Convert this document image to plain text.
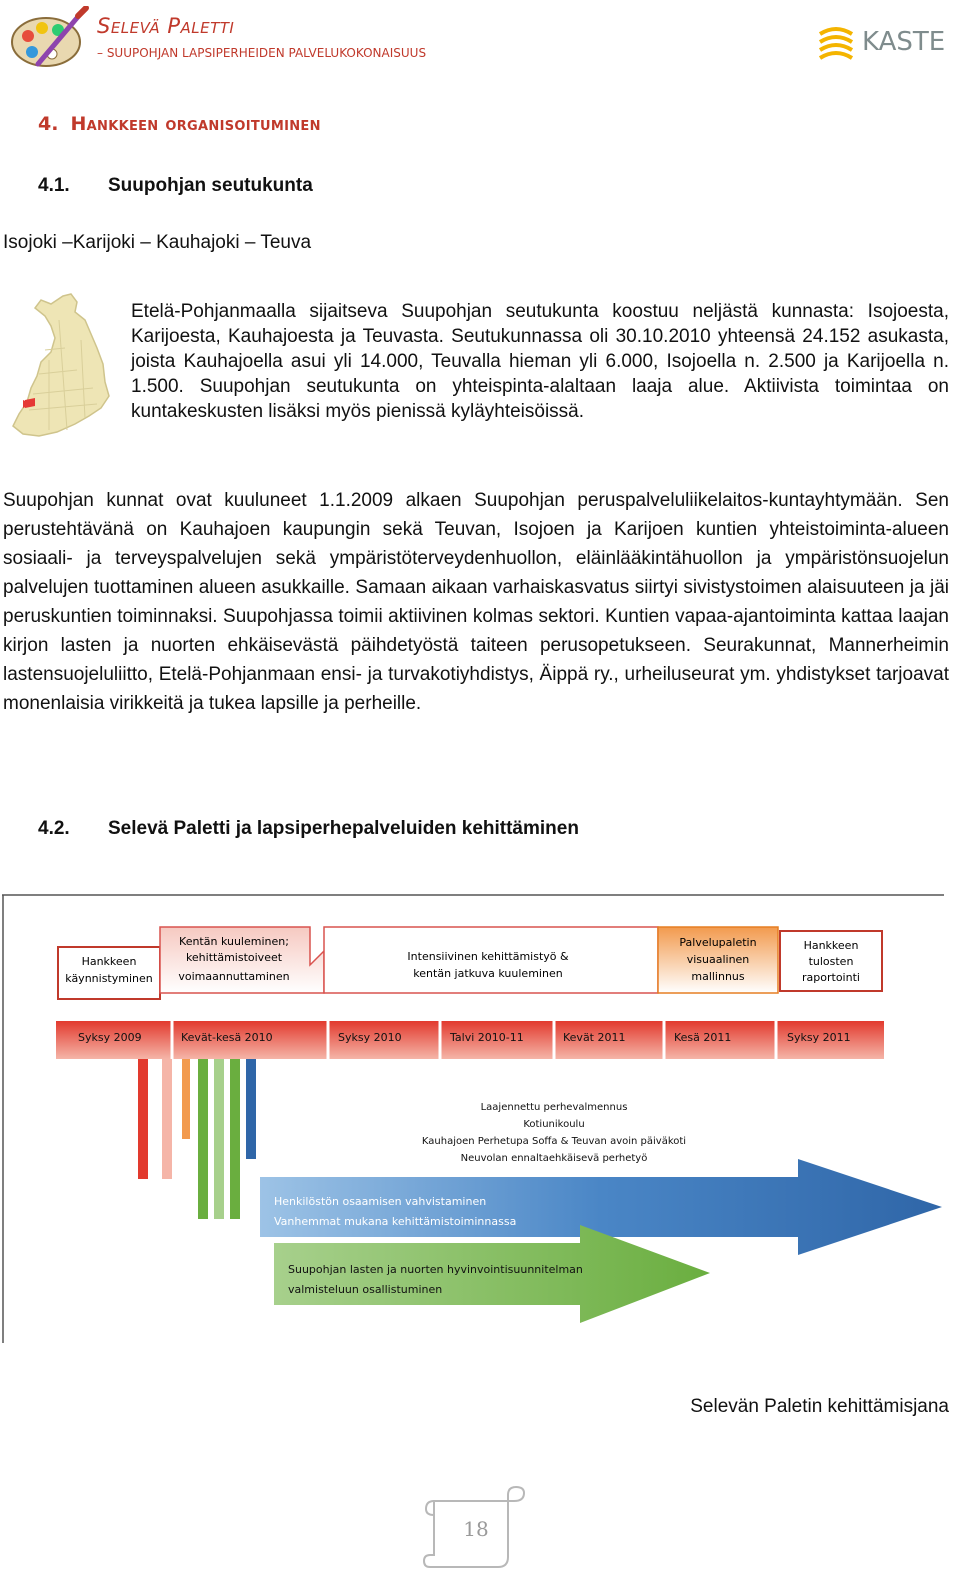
Selevä Paletti
– SUUPOHJAN LAPSIPERHEIDEN PALVELUKOKONAISUUS	KASTE
4. Hankkeen organisoituminen
4.1. Suupohjan seutukunta
Isojoki –Karijoki – Kauhajoki – Teuva
Etelä-Pohjanmaalla sijaitseva Suupohjan seutukunta koostuu neljästä kunnasta: Isojoesta, Karijoesta, Kauhajoesta ja Teuvasta. Seutukunnassa oli 30.10.2010 yhteensä 24.152 asukasta, joista Kauhajoella asui yli 14.000, Teuvalla hieman yli 6.000, Isojoella n. 2.500 ja Karijoella n. 1.500. Suupohjan seutukunta on yhteispinta-alaltaan laaja alue. Aktiivista toimintaa on kuntakeskusten lisäksi myös pienissä kyläyhteisöissä.
Suupohjan kunnat ovat kuuluneet 1.1.2009 alkaen Suupohjan peruspalveluliikelaitos-kuntayhtymään. Sen perustehtävänä on Kauhajoen kaupungin sekä Teuvan, Isojoen ja Karijoen kuntien yhteistoiminta-alueen sosiaali- ja terveyspalvelujen sekä ympäristöterveydenhuollon, eläinlääkintähuollon ja ympäristönsuojelun palvelujen tuottaminen alueen asukkaille. Samaan aikaan varhaiskasvatus siirtyi sivistystoimen alaisuuteen ja jäi peruskuntien toiminnaksi. Suupohjassa toimii aktiivinen kolmas sektori. Kuntien vapaa-ajantoiminta kattaa laajan kirjon lasten ja nuorten ehkäisevästä päihdetyöstä taiteen perusopetukseen. Seurakunnat, Mannerheimin lastensuojeluliitto, Etelä-Pohjanmaan ensi- ja turvakotiyhdistys, Äippä ry., urheiluseurat ym. yhdistykset tarjoavat monenlaisia virikkeitä ja tukea lapsille ja perheille.
4.2. Selevä Paletti ja lapsiperhepalveluiden kehittäminen
Hankkeen
käynnistyminen
Kentän kuuleminen;
kehittämistoiveet
voimaannuttaminen
Intensiivinen kehittämistyö &
kentän jatkuva kuuleminen
Palvelupaletin
visuaalinen
mallinnus
Hankkeen
tulosten
raportointi
Syksy 2009	Kevät-kesä 2010	Syksy 2010	Talvi 2010-11	Kevät 2011	Kesä 2011	Syksy 2011
Laajennettu perhevalmennus
Kotiunikoulu
Kauhajoen Perhetupa Soffa & Teuvan avoin päiväkoti
Neuvolan ennaltaehkäisevä perhetyö
Henkilöstön osaamisen vahvistaminen
Vanhemmat mukana kehittämistoiminnassa
Suupohjan lasten ja nuorten hyvinvointisuunnitelman
valmisteluun osallistuminen
Selevän Paletin kehittämisjana
18
